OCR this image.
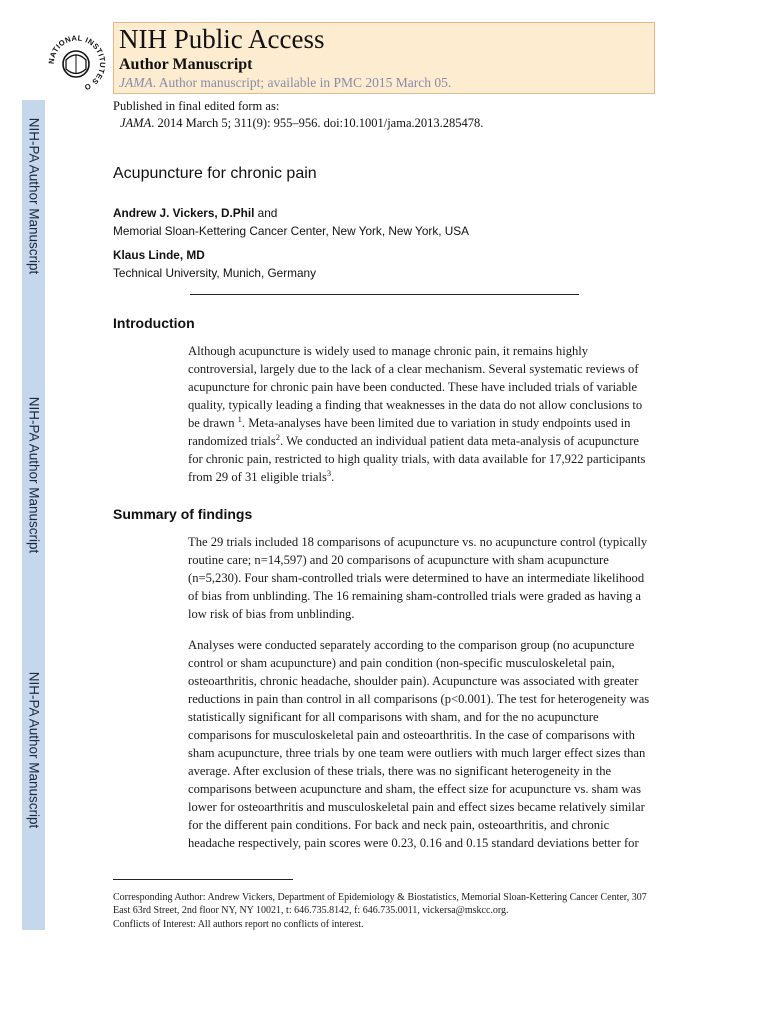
NATIONAL INSTITUTES O
NIH Public Access
Author Manuscript
JAMA. Author manuscript; available in PMC 2015 March 05.
NIH-PA Author Manuscript
NIH-PA Author Manuscript
NIH-PA Author Manuscript
Published in final edited form as:
JAMA. 2014 March 5; 311(9): 955–956. doi:10.1001/jama.2013.285478.
Acupuncture for chronic pain
Andrew J. Vickers, D.Phil and
Memorial Sloan-Kettering Cancer Center, New York, New York, USA
Klaus Linde, MD
Technical University, Munich, Germany
Introduction
Although acupuncture is widely used to manage chronic pain, it remains highly
controversial, largely due to the lack of a clear mechanism. Several systematic reviews of
acupuncture for chronic pain have been conducted. These have included trials of variable
quality, typically leading a finding that weaknesses in the data do not allow conclusions to
be drawn $^1$. Meta-analyses have been limited due to variation in study endpoints used in
randomized trials$^2$. We conducted an individual patient data meta-analysis of acupuncture
for chronic pain, restricted to high quality trials, with data available for 17,922 participants
from 29 of 31 eligible trials$^3$.
Summary of findings
The 29 trials included 18 comparisons of acupuncture vs. no acupuncture control (typically
routine care; n=14,597) and 20 comparisons of acupuncture with sham acupuncture
(n=5,230). Four sham-controlled trials were determined to have an intermediate likelihood
of bias from unblinding. The 16 remaining sham-controlled trials were graded as having a
low risk of bias from unblinding.
Analyses were conducted separately according to the comparison group (no acupuncture
control or sham acupuncture) and pain condition (non-specific musculoskeletal pain,
osteoarthritis, chronic headache, shoulder pain). Acupuncture was associated with greater
reductions in pain than control in all comparisons (p<0.001). The test for heterogeneity was
statistically significant for all comparisons with sham, and for the no acupuncture
comparisons for musculoskeletal pain and osteoarthritis. In the case of comparisons with
sham acupuncture, three trials by one team were outliers with much larger effect sizes than
average. After exclusion of these trials, there was no significant heterogeneity in the
comparisons between acupuncture and sham, the effect size for acupuncture vs. sham was
lower for osteoarthritis and musculoskeletal pain and effect sizes became relatively similar
for the different pain conditions. For back and neck pain, osteoarthritis, and chronic
headache respectively, pain scores were 0.23, 0.16 and 0.15 standard deviations better for
Corresponding Author: Andrew Vickers, Department of Epidemiology & Biostatistics, Memorial Sloan-Kettering Cancer Center, 307
East 63rd Street, 2nd floor NY, NY 10021, t: 646.735.8142, f: 646.735.0011, vickersa@mskcc.org.
Conflicts of Interest: All authors report no conflicts of interest.
